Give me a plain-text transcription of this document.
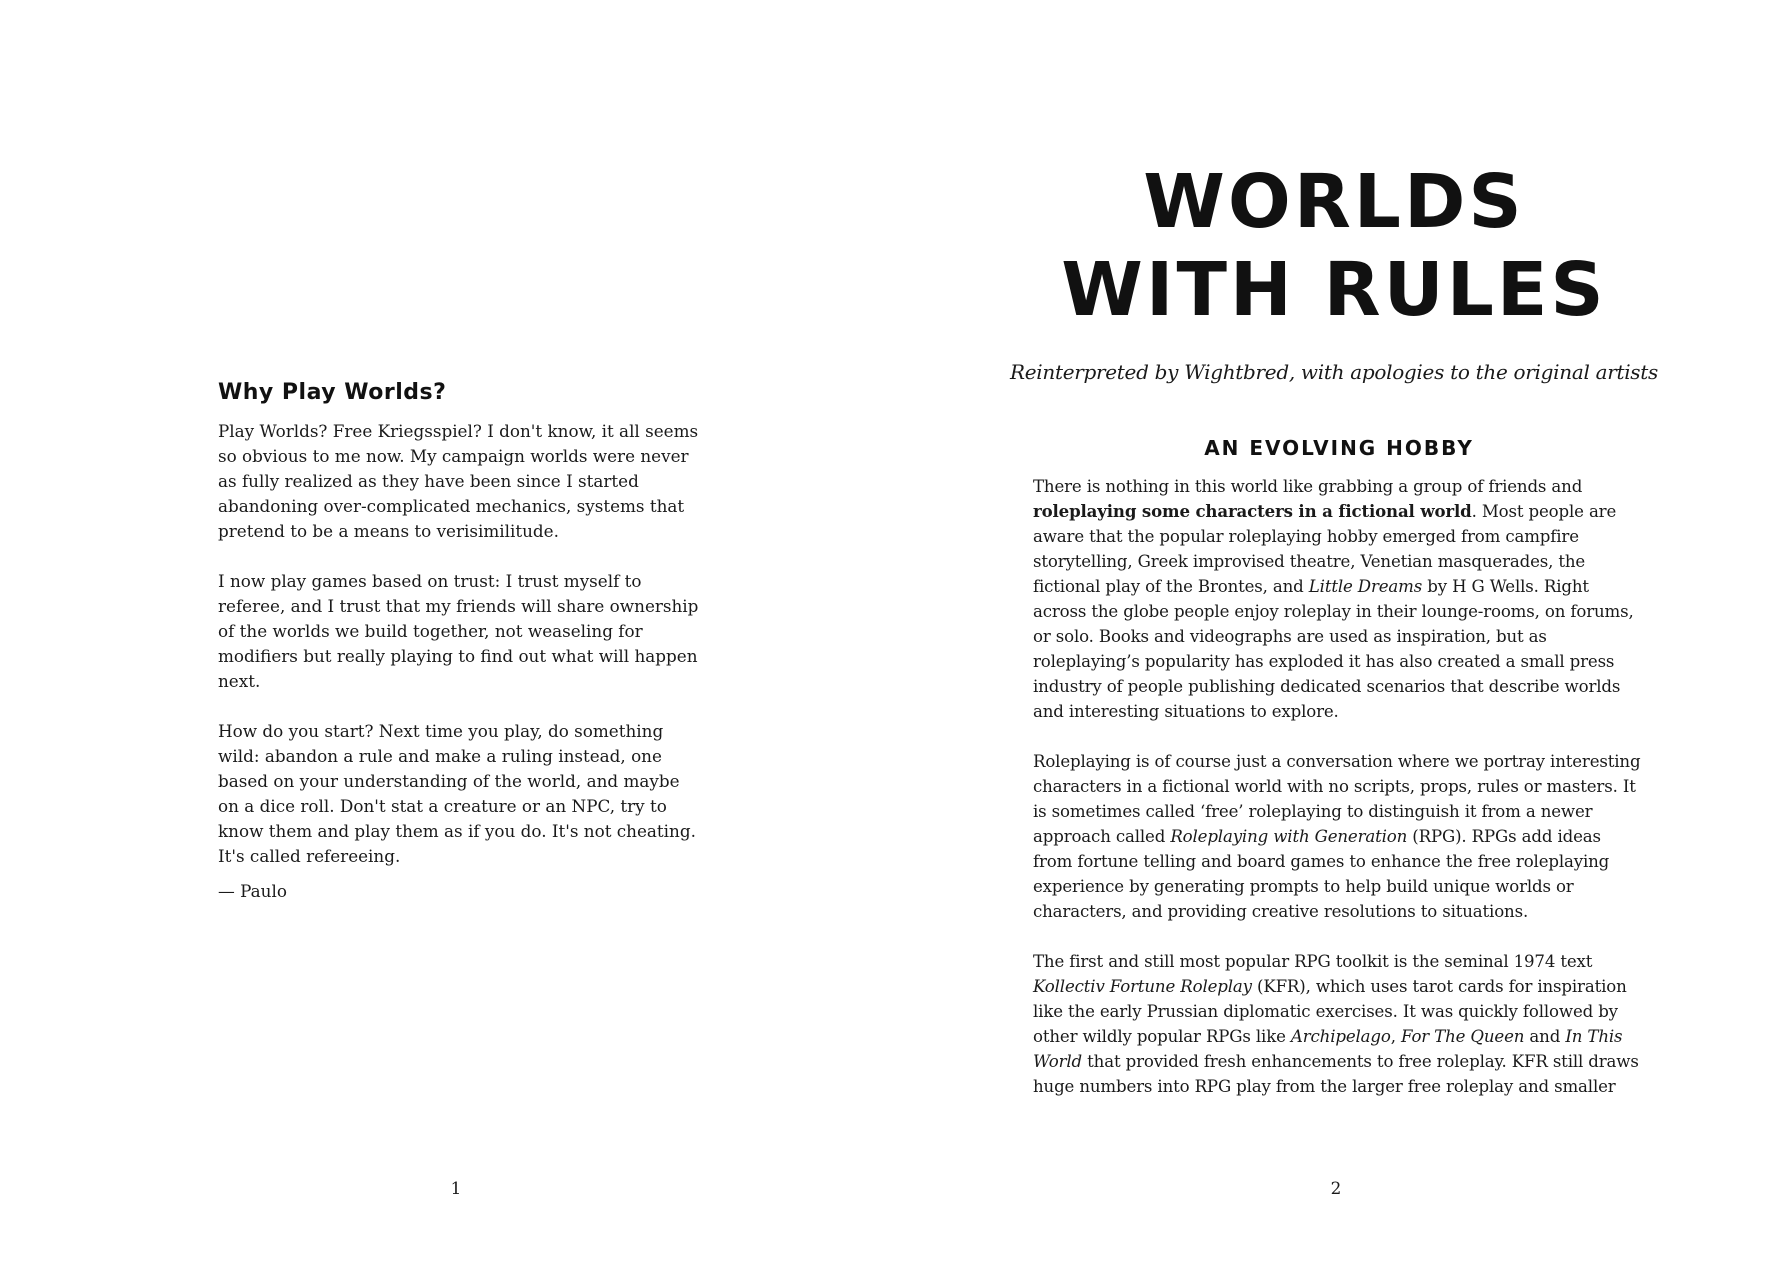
Why Play Worlds?

Play Worlds? Free Kriegsspiel? I don't know, it all seems so obvious to me now. My campaign worlds were never as fully realized as they have been since I started abandoning over-complicated mechanics, systems that pretend to be a means to verisimilitude.

I now play games based on trust: I trust myself to referee, and I trust that my friends will share ownership of the worlds we build together, not weaseling for modifiers but really playing to find out what will happen next.

How do you start? Next time you play, do something wild: abandon a rule and make a ruling instead, one based on your understanding of the world, and maybe on a dice roll. Don't stat a creature or an NPC, try to know them and play them as if you do. It's not cheating. It's called refereeing.

— Paulo
1
WORLDS
WITH RULES

Reinterpreted by Wightbred, with apologies to the original artists

AN EVOLVING HOBBY

There is nothing in this world like grabbing a group of friends and roleplaying some characters in a fictional world. Most people are aware that the popular roleplaying hobby emerged from campfire storytelling, Greek improvised theatre, Venetian masquerades, the fictional play of the Brontes, and Little Dreams by H G Wells. Right across the globe people enjoy roleplay in their lounge-rooms, on forums, or solo. Books and videographs are used as inspiration, but as roleplaying’s popularity has exploded it has also created a small press industry of people publishing dedicated scenarios that describe worlds and interesting situations to explore.

Roleplaying is of course just a conversation where we portray interesting characters in a fictional world with no scripts, props, rules or masters. It is sometimes called ‘free’ roleplaying to distinguish it from a newer approach called Roleplaying with Generation (RPG). RPGs add ideas from fortune telling and board games to enhance the free roleplaying experience by generating prompts to help build unique worlds or characters, and providing creative resolutions to situations.

The first and still most popular RPG toolkit is the seminal 1974 text Kollectiv Fortune Roleplay (KFR), which uses tarot cards for inspiration like the early Prussian diplomatic exercises. It was quickly followed by other wildly popular RPGs like Archipelago, For The Queen and In This World that provided fresh enhancements to free roleplay. KFR still draws huge numbers into RPG play from the larger free roleplay and smaller

2
